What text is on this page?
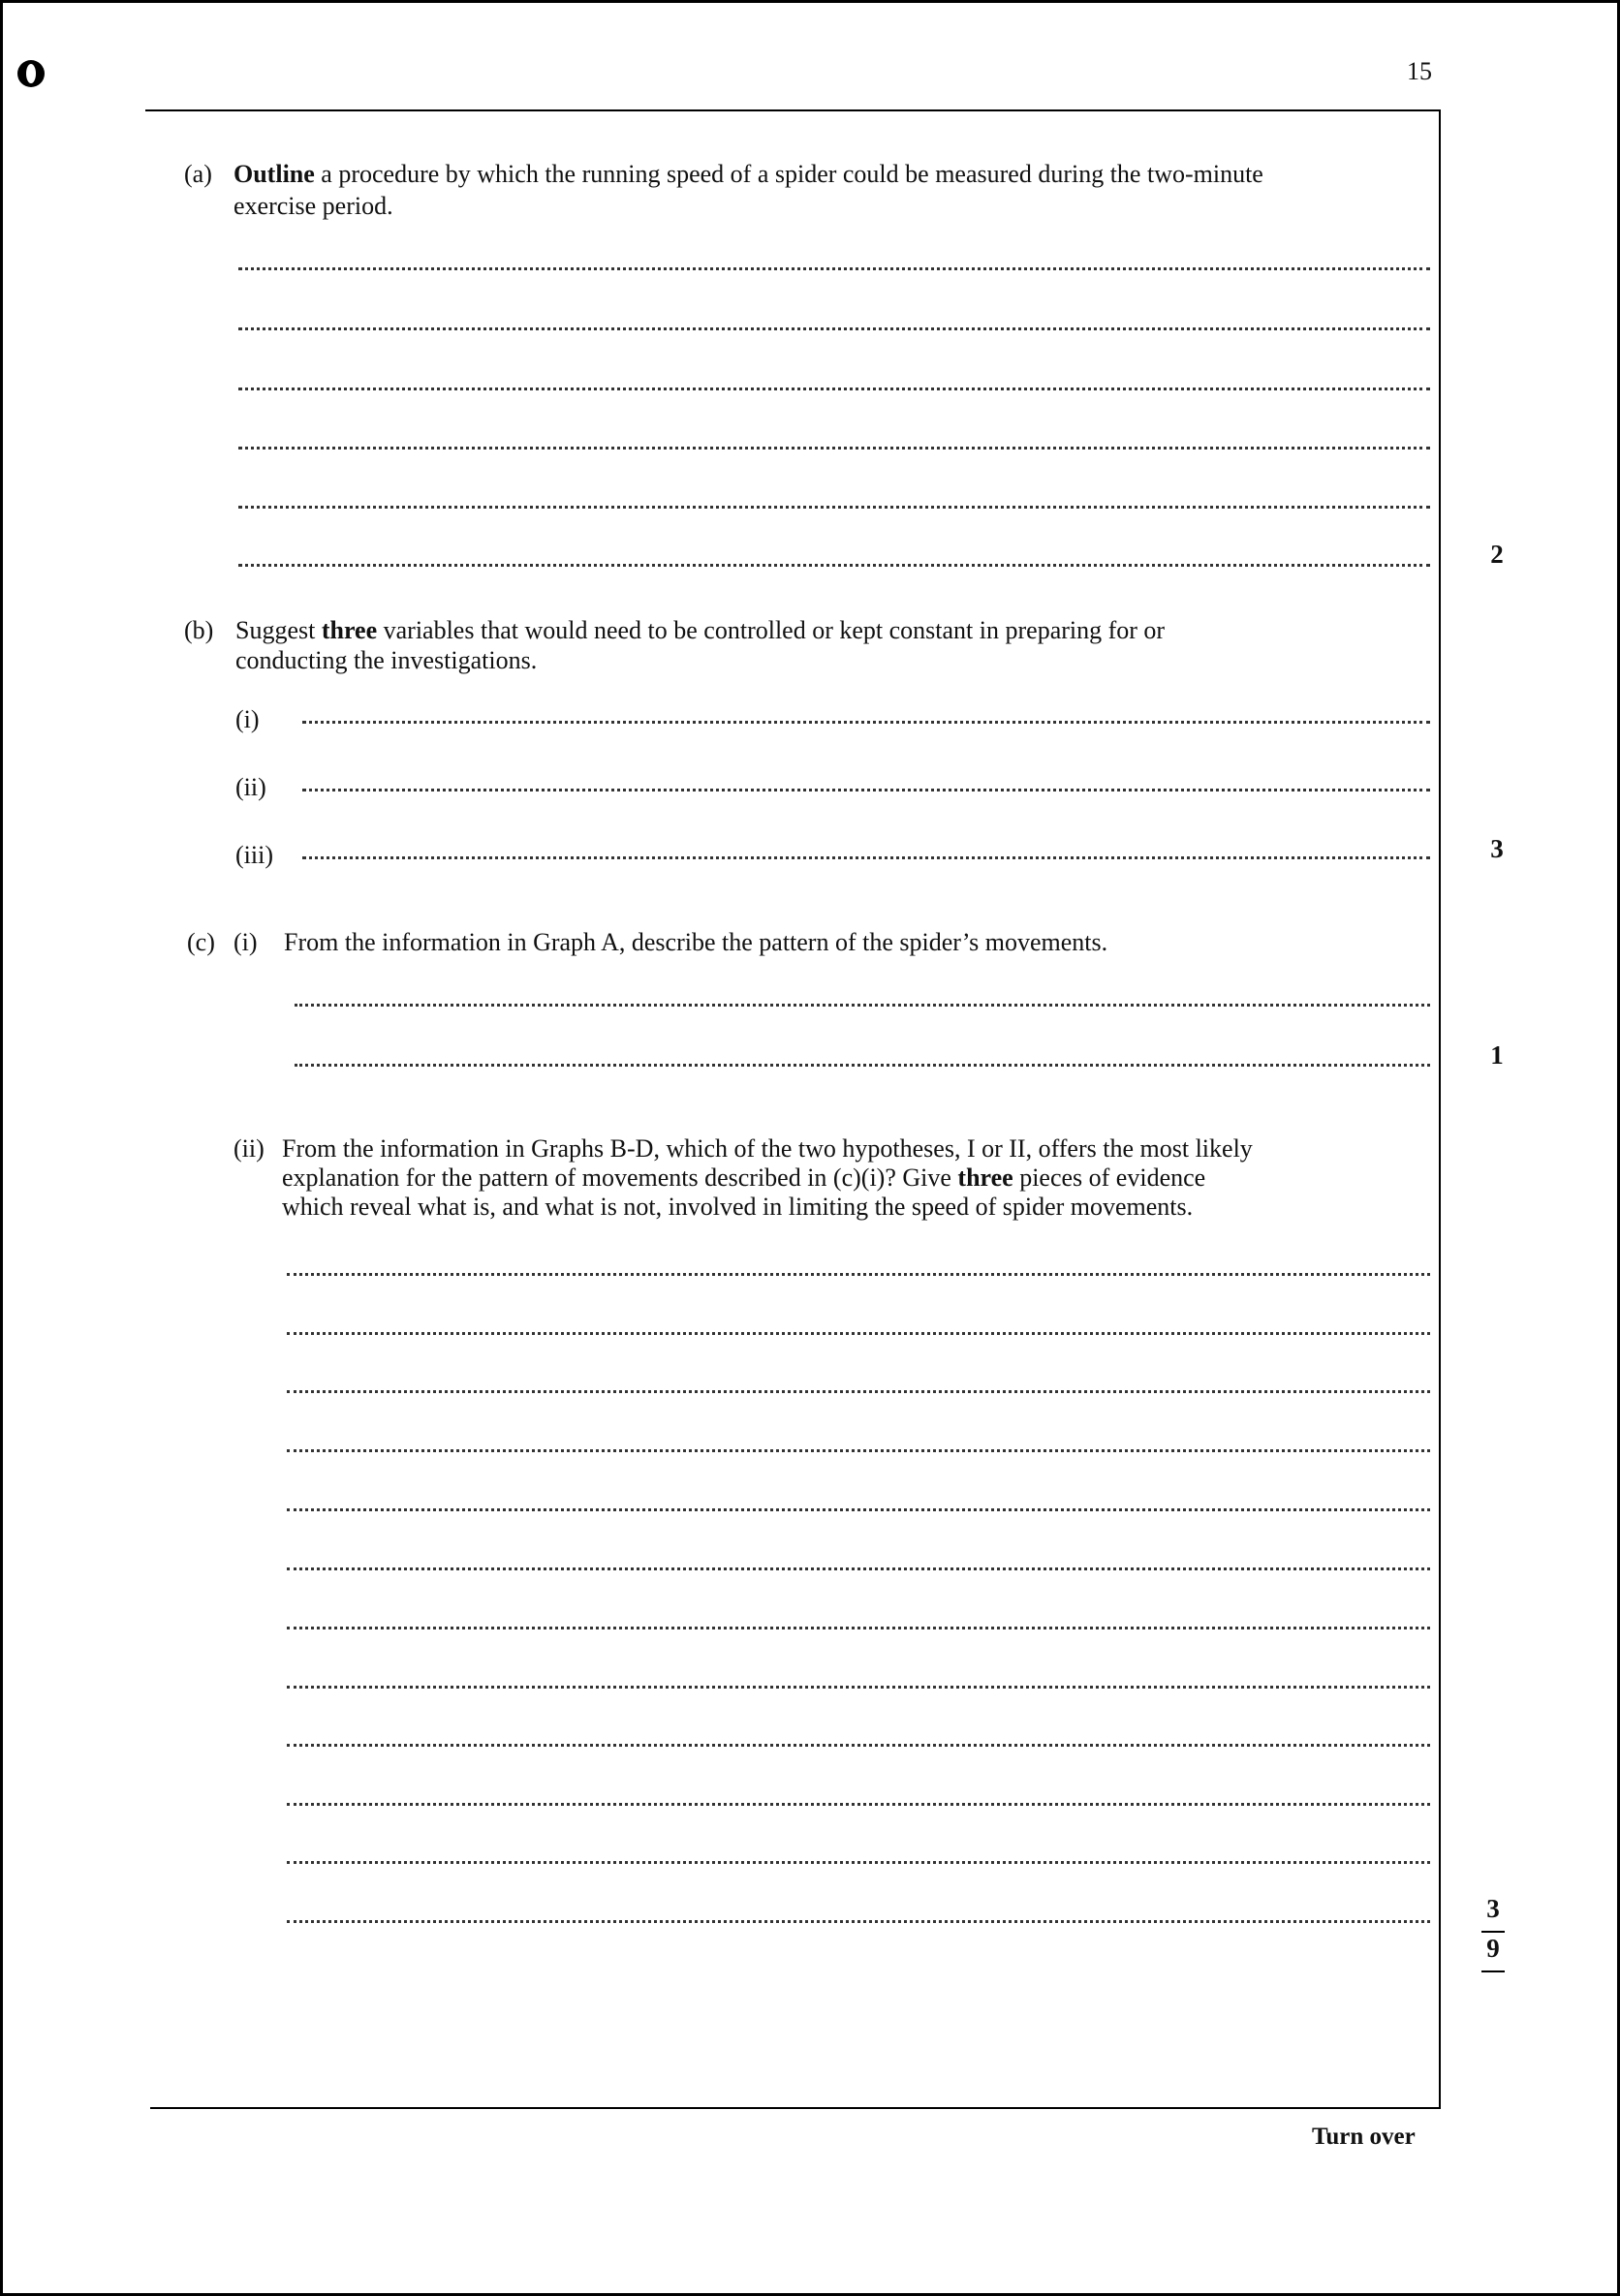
15
(a) Outline a procedure by which the running speed of a spider could be measured during the two-minute
exercise period.
2
(b) Suggest three variables that would need to be controlled or kept constant in preparing for or
conducting the investigations.
(i)
(ii)
(iii)	3
(c) (i) From the information in Graph A, describe the pattern of the spider’s movements.
1
(ii) From the information in Graphs B-D, which of the two hypotheses, I or II, offers the most likely
explanation for the pattern of movements described in (c)(i)? Give three pieces of evidence
which reveal what is, and what is not, involved in limiting the speed of spider movements.
3
9
Turn over
